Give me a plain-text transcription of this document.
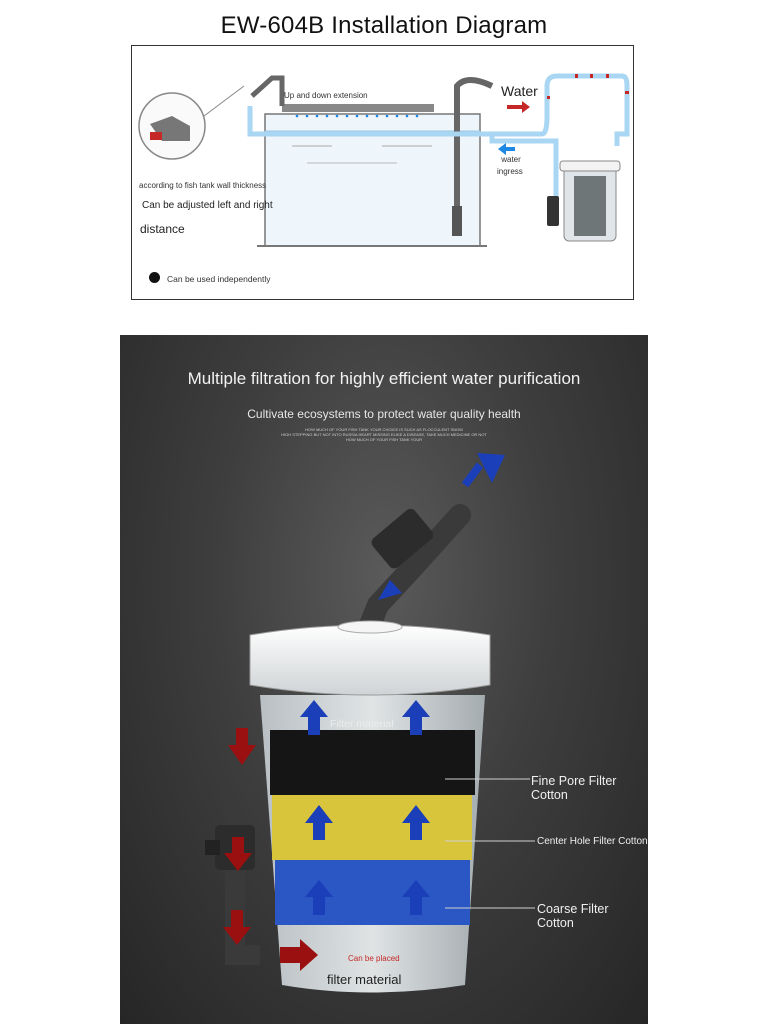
EW-604B Installation Diagram
according to fish tank wall thickness
Can be adjusted left and right
distance
Up and down extension	Water
water
ingress
Can be used independently
Multiple filtration for highly efficient water purification
Cultivate ecosystems to protect water quality health
HOW MUCH OF YOUR FISH TANK YOUR CHOICE IS SUCH AS FLOCCULENT SNOW
HIGH STEPPING BUT NOT INTO RUSSIA HEART MISSING ELIKE A DISEASE, TAKE MUCH MEDICINE OR NOT
HOW MUCH OF YOUR FISH TANK YOUR
Filter material
Fine Pore Filter Cotton
Center Hole Filter Cotton
Coarse Filter Cotton
Can be placed
filter material
